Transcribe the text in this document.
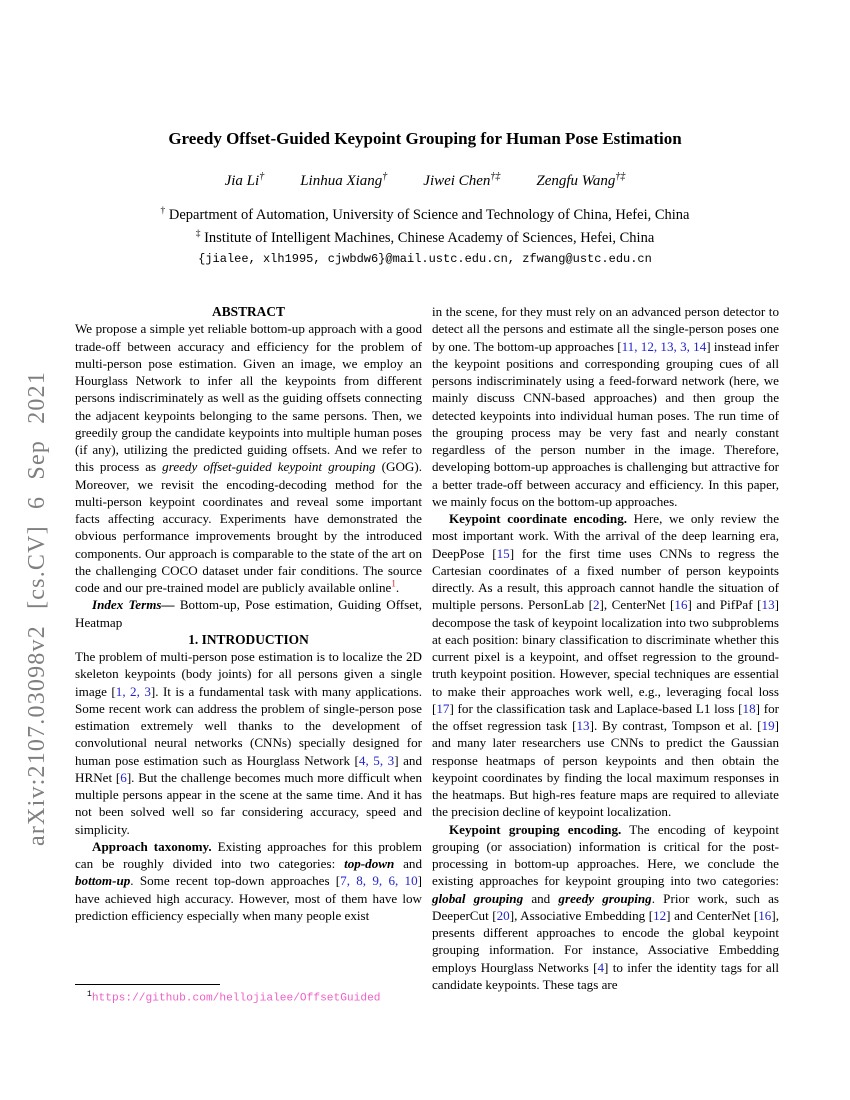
arXiv:2107.03098v2 [cs.CV] 6 Sep 2021
Greedy Offset-Guided Keypoint Grouping for Human Pose Estimation
Jia Li† Linhua Xiang† Jiwei Chen†‡ Zengfu Wang†‡
† Department of Automation, University of Science and Technology of China, Hefei, China
‡ Institute of Intelligent Machines, Chinese Academy of Sciences, Hefei, China
{jialee, xlh1995, cjwbdw6}@mail.ustc.edu.cn, zfwang@ustc.edu.cn

ABSTRACT

We propose a simple yet reliable bottom-up approach with a good trade-off between accuracy and efficiency for the problem of multi-person pose estimation. Given an image, we employ an Hourglass Network to infer all the keypoints from different persons indiscriminately as well as the guiding offsets connecting the adjacent keypoints belonging to the same persons. Then, we greedily group the candidate keypoints into multiple human poses (if any), utilizing the predicted guiding offsets. And we refer to this process as greedy offset-guided keypoint grouping (GOG). Moreover, we revisit the encoding-decoding method for the multi-person keypoint coordinates and reveal some important facts affecting accuracy. Experiments have demonstrated the obvious performance improvements brought by the introduced components. Our approach is comparable to the state of the art on the challenging COCO dataset under fair conditions. The source code and our pre-trained model are publicly available online$^1$.

Index Terms— Bottom-up, Pose estimation, Guiding Offset, Heatmap

1. INTRODUCTION

The problem of multi-person pose estimation is to localize the 2D skeleton keypoints (body joints) for all persons given a single image [1, 2, 3]. It is a fundamental task with many applications. Some recent work can address the problem of single-person pose estimation extremely well thanks to the development of convolutional neural networks (CNNs) specially designed for human pose estimation such as Hourglass Network [4, 5, 3] and HRNet [6]. But the challenge becomes much more difficult when multiple persons appear in the scene at the same time. And it has not been solved well so far considering accuracy, speed and simplicity.

Approach taxonomy. Existing approaches for this problem can be roughly divided into two categories: top-down and bottom-up. Some recent top-down approaches [7, 8, 9, 6, 10] have achieved high accuracy. However, most of them have low prediction efficiency especially when many people exist

in the scene, for they must rely on an advanced person detector to detect all the persons and estimate all the single-person poses one by one. The bottom-up approaches [11, 12, 13, 3, 14] instead infer the keypoint positions and corresponding grouping cues of all persons indiscriminately using a feed-forward network (here, we mainly discuss CNN-based approaches) and then group the detected keypoints into individual human poses. The run time of the grouping process may be very fast and nearly constant regardless of the person number in the image. Therefore, developing bottom-up approaches is challenging but attractive for a better trade-off between accuracy and efficiency. In this paper, we mainly focus on the bottom-up approaches.

Keypoint coordinate encoding. Here, we only review the most important work. With the arrival of the deep learning era, DeepPose [15] for the first time uses CNNs to regress the Cartesian coordinates of a fixed number of person keypoints directly. As a result, this approach cannot handle the situation of multiple persons. PersonLab [2], CenterNet [16] and PifPaf [13] decompose the task of keypoint localization into two subproblems at each position: binary classification to discriminate whether this current pixel is a keypoint, and offset regression to the ground-truth keypoint position. However, special techniques are essential to make their approaches work well, e.g., leveraging focal loss [17] for the classification task and Laplace-based L1 loss [18] for the offset regression task [13]. By contrast, Tompson et al. [19] and many later researchers use CNNs to predict the Gaussian response heatmaps of person keypoints and then obtain the keypoint coordinates by finding the local maximum responses in the heatmaps. But high-res feature maps are required to alleviate the precision decline of keypoint localization.

Keypoint grouping encoding. The encoding of keypoint grouping (or association) information is critical for the post-processing in bottom-up approaches. Here, we conclude the existing approaches for keypoint grouping into two categories: global grouping and greedy grouping. Prior work, such as DeeperCut [20], Associative Embedding [12] and CenterNet [16], presents different approaches to encode the global keypoint grouping information. For instance, Associative Embedding employs Hourglass Networks [4] to infer the identity tags for all candidate keypoints. These tags are

$^1$https://github.com/hellojialee/OffsetGuided
